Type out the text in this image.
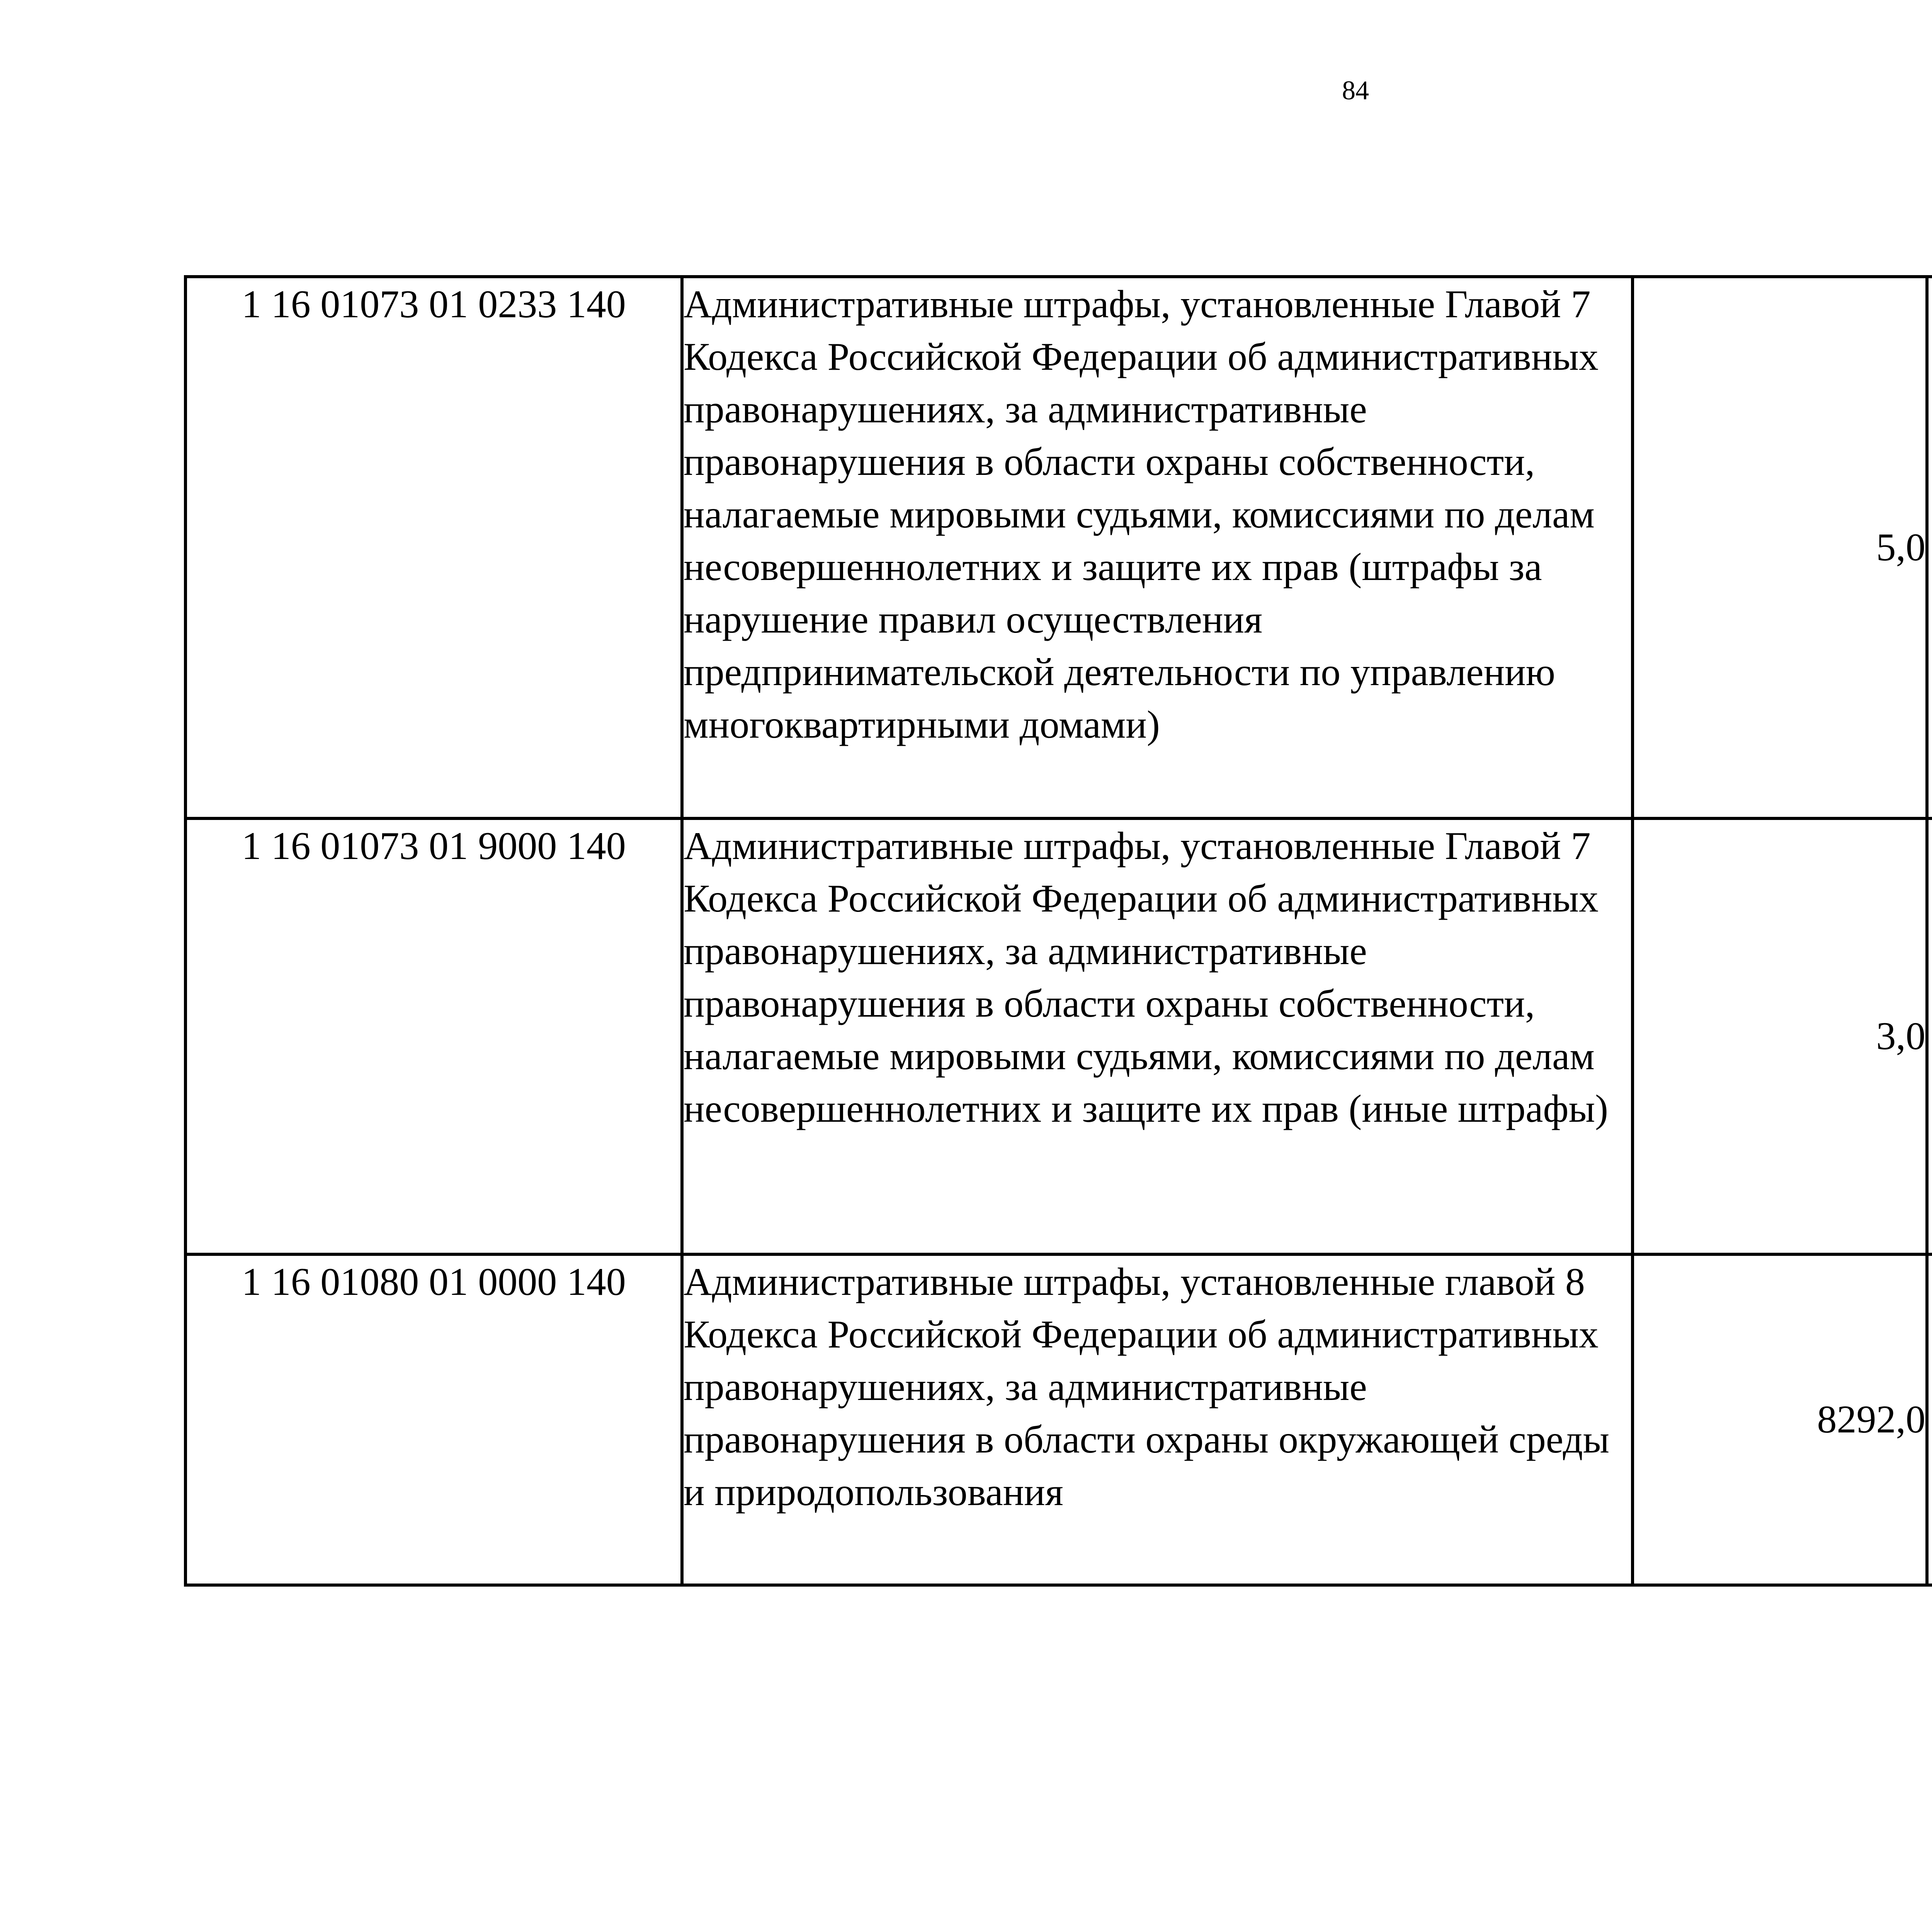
84
1 16 01073 01 0233 140	Административные штрафы, установленные Главой 7 Кодекса Российской Федерации об административных правонарушениях, за административные правонарушения в области охраны собственности, налагаемые мировыми судьями, комиссиями по делам несовершеннолетних и защите их прав (штрафы за нарушение правил осуществления предпринимательской деятельности по управлению многоквартирными домами)	5,0		
1 16 01073 01 9000 140	Административные штрафы, установленные Главой 7 Кодекса Российской Федерации об административных правонарушениях, за административные правонарушения в области охраны собственности, налагаемые мировыми судьями, комиссиями по делам несовершеннолетних и защите их прав (иные штрафы)	3,0		
1 16 01080 01 0000 140	Административные штрафы, установленные главой 8 Кодекса Российской Федерации об административных правонарушениях, за административные правонарушения в области охраны окружающей среды и природопользования	8292,0		
